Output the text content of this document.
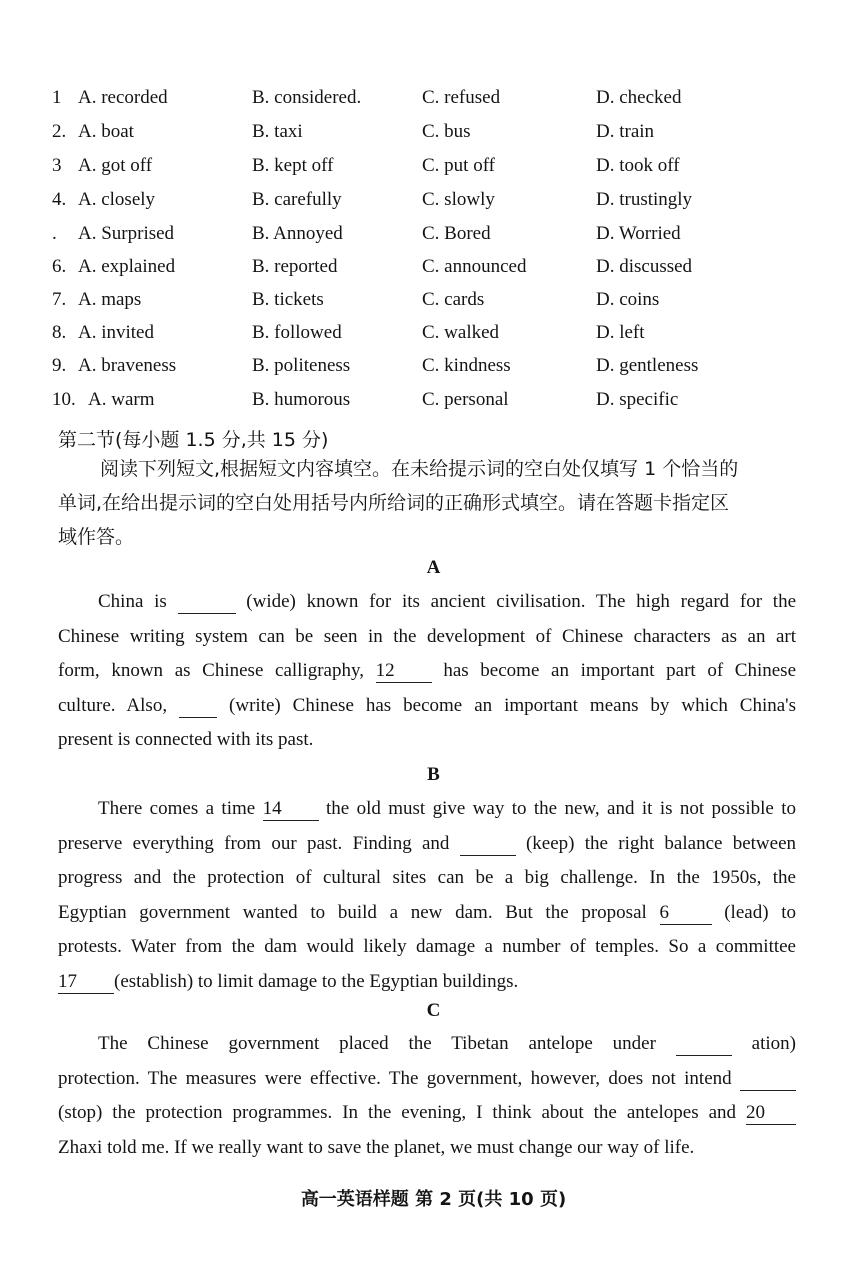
1 A. recorded	B. considered.	C. refused	D. checked
2. A. boat	B. taxi	C. bus	D. train
3 A. got off	B. kept off	C. put off	D. took off
4. A. closely	B. carefully	C. slowly	D. trustingly
. A. Surprised	B. Annoyed	C. Bored	D. Worried
6. A. explained	B. reported	C. announced	D. discussed
7. A. maps	B. tickets	C. cards	D. coins
8. A. invited	B. followed	C. walked	D. left
9. A. braveness	B. politeness	C. kindness	D. gentleness
10. A. warm	B. humorous	C. personal	D. specific
第二节(每小题 1.5 分,共 15 分)

阅读下列短文,根据短文内容填空。在未给提示词的空白处仅填写 1 个恰当的

单词,在给出提示词的空白处用括号内所给词的正确形式填空。请在答题卡指定区

域作答。

A
China is	(wide) known for its ancient civilisation. The high regard for the
Chinese writing system can be seen in the development of Chinese characters as an art
form, known as Chinese calligraphy, 12	has become an important part of Chinese
culture. Also,	(write) Chinese has become an important means by which China's
present is connected with its past.
B
There comes a time 14 the old must give way to the new, and it is not possible to
preserve everything from our past. Finding and	(keep) the right balance between
progress and the protection of cultural sites can be a big challenge. In the 1950s, the
Egyptian government wanted to build a new dam. But the proposal 6	(lead) to
protests. Water from the dam would likely damage a number of temples. So a committee
17 (establish) to limit damage to the Egyptian buildings.
C
The Chinese government placed the Tibetan antelope under	ation)
protection. The measures were effective. The government, however, does not intend
(stop) the protection programmes. In the evening, I think about the antelopes and 20
Zhaxi told me. If we really want to save the planet, we must change our way of life.
高一英语样题 第 2 页(共 10 页)
